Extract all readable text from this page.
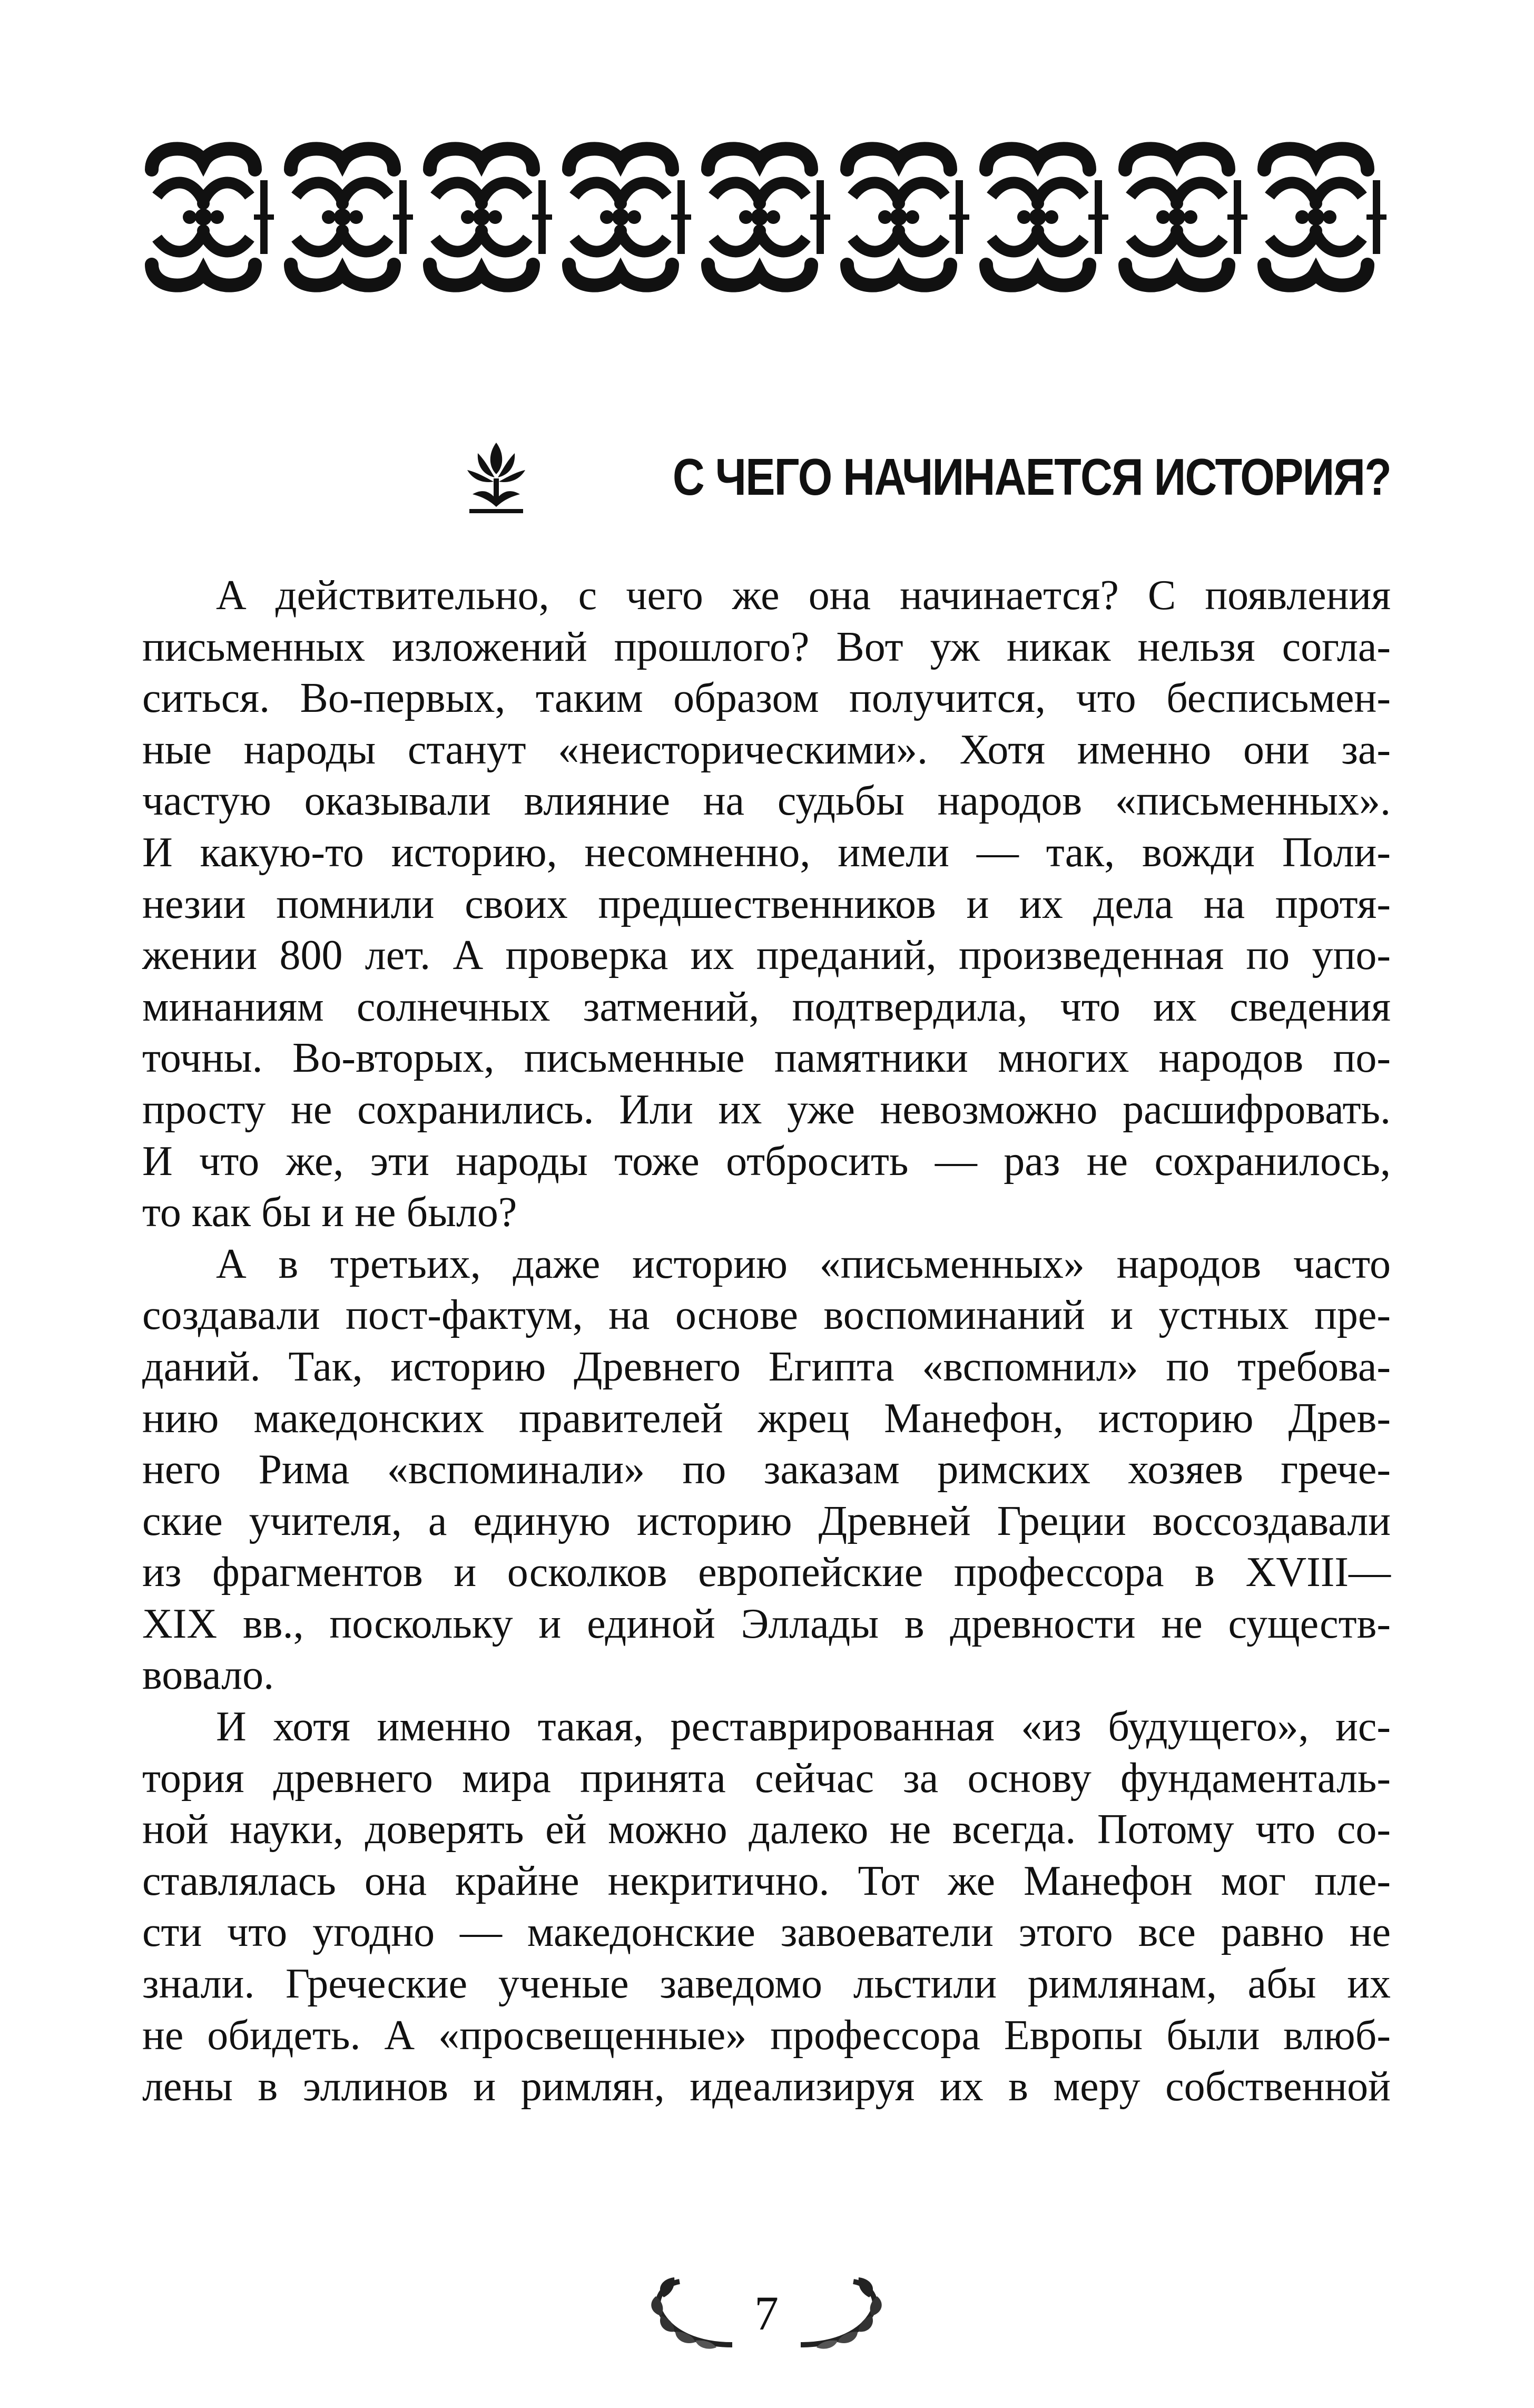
С ЧЕГО НАЧИНАЕТСЯ ИСТОРИЯ?
А действительно, с чего же она начинается? С появления
письменных изложений прошлого? Вот уж никак нельзя согла-
ситься. Во-первых, таким образом получится, что бесписьмен-
ные народы станут «неисторическими». Хотя именно они за-
частую оказывали влияние на судьбы народов «письменных».
И какую-то историю, несомненно, имели — так, вожди Поли-
незии помнили своих предшественников и их дела на протя-
жении 800 лет. А проверка их преданий, произведенная по упо-
минаниям солнечных затмений, подтвердила, что их сведения
точны. Во-вторых, письменные памятники многих народов по-
просту не сохранились. Или их уже невозможно расшифровать.
И что же, эти народы тоже отбросить — раз не сохранилось,
то как бы и не было?
А в третьих, даже историю «письменных» народов часто
создавали пост-фактум, на основе воспоминаний и устных пре-
даний. Так, историю Древнего Египта «вспомнил» по требова-
нию македонских правителей жрец Манефон, историю Древ-
него Рима «вспоминали» по заказам римских хозяев грече-
ские учителя, а единую историю Древней Греции воссоздавали
из фрагментов и осколков европейские профессора в XVIII—
XIX вв., поскольку и единой Эллады в древности не существ-
вовало.
И хотя именно такая, реставрированная «из будущего», ис-
тория древнего мира принята сейчас за основу фундаменталь-
ной науки, доверять ей можно далеко не всегда. Потому что со-
ставлялась она крайне некритично. Тот же Манефон мог пле-
сти что угодно — македонские завоеватели этого все равно не
знали. Греческие ученые заведомо льстили римлянам, абы их
не обидеть. А «просвещенные» профессора Европы были влюб-
лены в эллинов и римлян, идеализируя их в меру собственной
7
